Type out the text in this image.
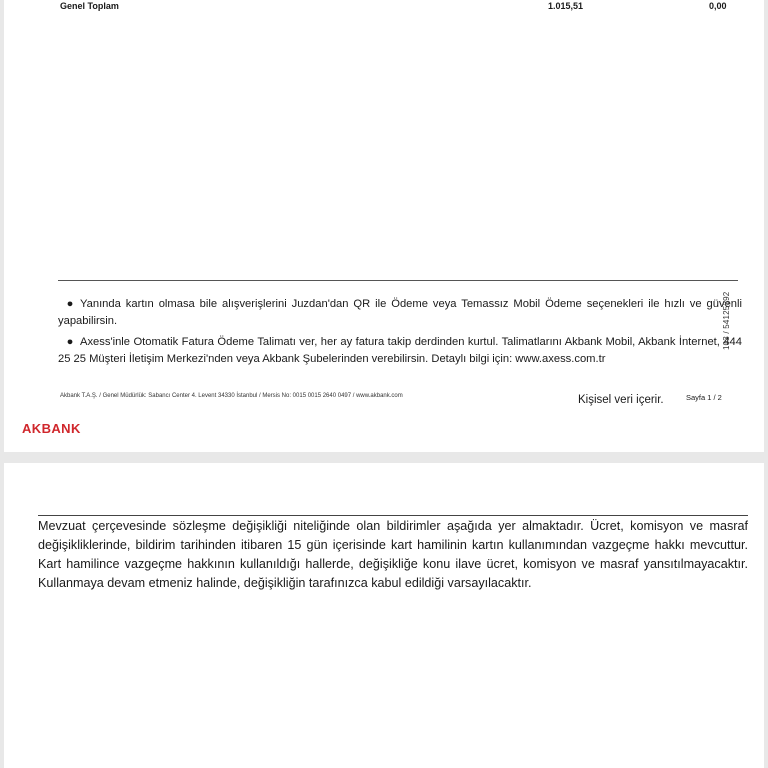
Genel Toplam	1.015,51	0,00
● Yanında kartın olmasa bile alışverişlerini Juzdan'dan QR ile Ödeme veya Temassız Mobil Ödeme seçenekleri ile hızlı ve güvenli yapabilirsin.
● Axess'inle Otomatik Fatura Ödeme Talimatı ver, her ay fatura takip derdinden kurtul. Talimatlarını Akbank Mobil, Akbank İnternet, 444 25 25 Müşteri İletişim Merkezi'nden veya Akbank Şubelerinden verebilirsin. Detaylı bilgi için: www.axess.com.tr
103 / 54125392
Akbank T.A.Ş. / Genel Müdürlük: Sabancı Center 4. Levent 34330 İstanbul / Mersis No: 0015 0015 2640 0497 / www.akbank.com	Kişisel veri içerir.	Sayfa 1 / 2
AKBANK
Mevzuat çerçevesinde sözleşme değişikliği niteliğinde olan bildirimler aşağıda yer almaktadır. Ücret, komisyon ve masraf değişikliklerinde, bildirim tarihinden itibaren 15 gün içerisinde kart hamilinin kartın kullanımından vazgeçme hakkı mevcuttur. Kart hamilince vazgeçme hakkının kullanıldığı hallerde, değişikliğe konu ilave ücret, komisyon ve masraf yansıtılmayacaktır. Kullanmaya devam etmeniz halinde, değişikliğin tarafınızca kabul edildiği varsayılacaktır.
